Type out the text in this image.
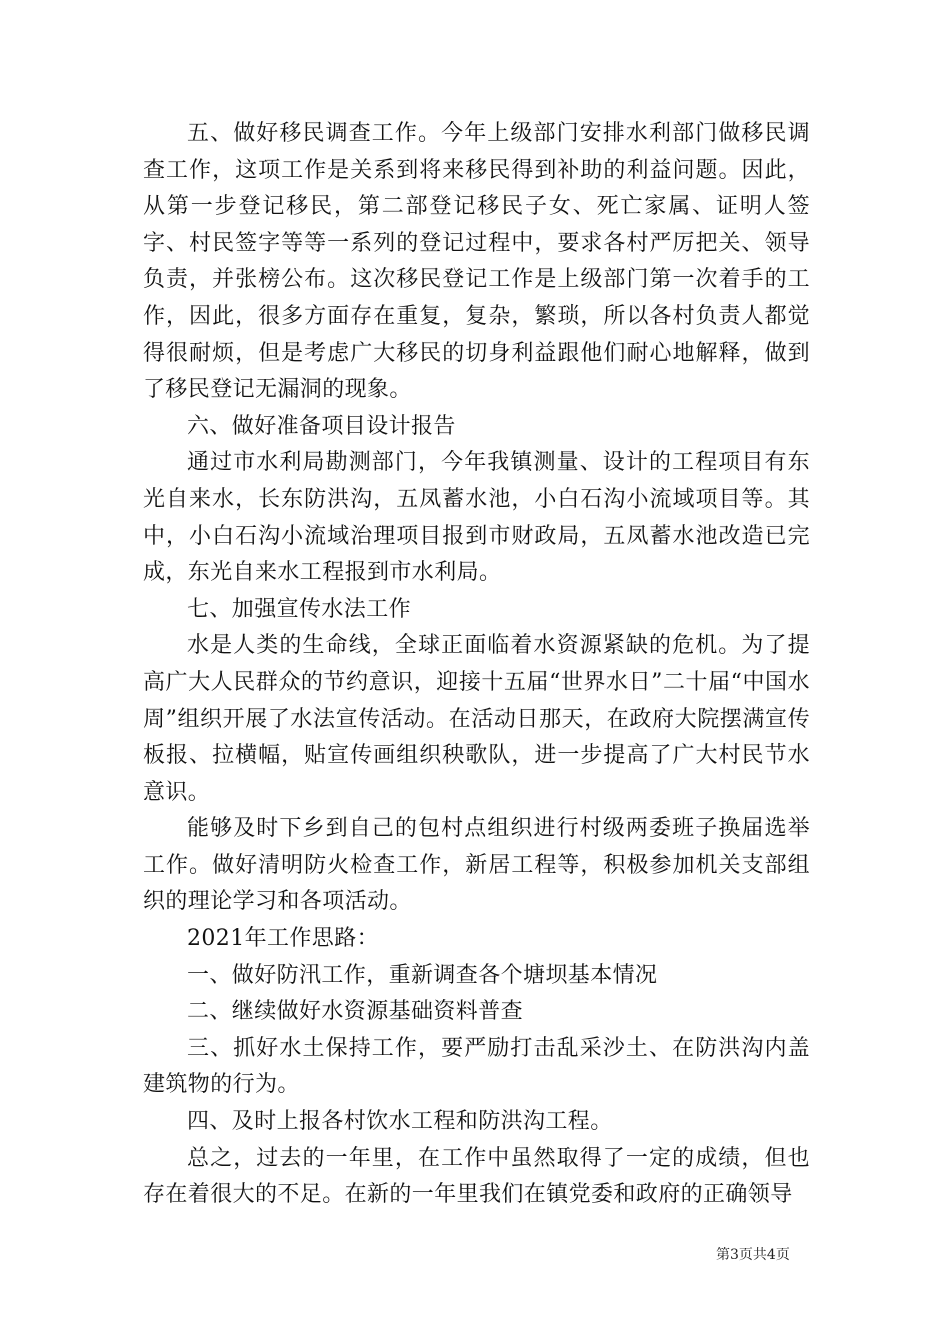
五、做好移民调查工作。今年上级部门安排水利部门做移民调查工作，这项工作是关系到将来移民得到补助的利益问题。因此，从第一步登记移民，第二部登记移民子女、死亡家属、证明人签字、村民签字等等一系列的登记过程中，要求各村严厉把关、领导负责，并张榜公布。这次移民登记工作是上级部门第一次着手的工作，因此，很多方面存在重复，复杂，繁琐，所以各村负责人都觉得很耐烦，但是考虑广大移民的切身利益跟他们耐心地解释，做到了移民登记无漏洞的现象。

六、做好准备项目设计报告

通过市水利局勘测部门，今年我镇测量、设计的工程项目有东光自来水，长东防洪沟，五凤蓄水池，小白石沟小流域项目等。其中，小白石沟小流域治理项目报到市财政局，五凤蓄水池改造已完成，东光自来水工程报到市水利局。

七、加强宣传水法工作

水是人类的生命线，全球正面临着水资源紧缺的危机。为了提高广大人民群众的节约意识，迎接十五届“世界水日”二十届“中国水周”组织开展了水法宣传活动。在活动日那天，在政府大院摆满宣传板报、拉横幅，贴宣传画组织秧歌队，进一步提高了广大村民节水意识。

能够及时下乡到自己的包村点组织进行村级两委班子换届选举工作。做好清明防火检查工作，新居工程等，积极参加机关支部组织的理论学习和各项活动。

2021年工作思路：

一、做好防汛工作，重新调查各个塘坝基本情况

二、继续做好水资源基础资料普查

三、抓好水土保持工作，要严励打击乱采沙土、在防洪沟内盖建筑物的行为。

四、及时上报各村饮水工程和防洪沟工程。

总之，过去的一年里，在工作中虽然取得了一定的成绩，但也存在着很大的不足。在新的一年里我们在镇党委和政府的正确领导

第3页共4页
